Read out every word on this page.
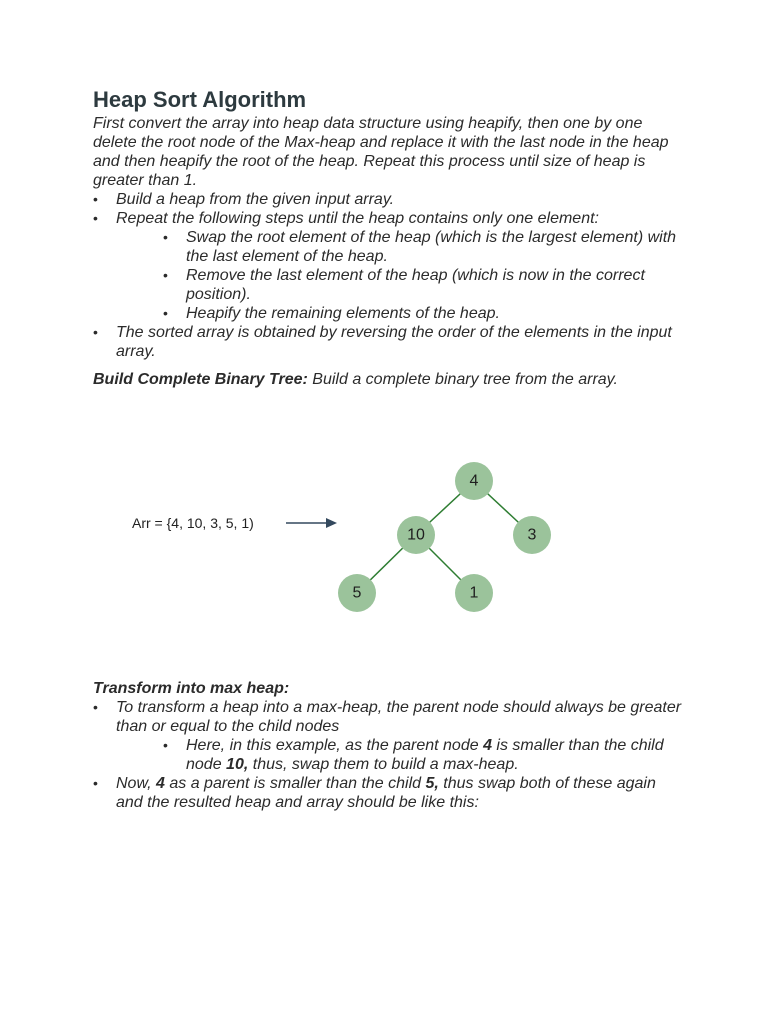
Heap Sort Algorithm

First convert the array into heap data structure using heapify, then one by one delete the root node of the Max-heap and replace it with the last node in the heap and then heapify the root of the heap. Repeat this process until size of heap is greater than 1.

• Build a heap from the given input array.
• Repeat the following steps until the heap contains only one element:
• Swap the root element of the heap (which is the largest element) with the last element of the heap.
• Remove the last element of the heap (which is now in the correct position).
• Heapify the remaining elements of the heap.
• The sorted array is obtained by reversing the order of the elements in the input array.
Build Complete Binary Tree: Build a complete binary tree from the array.
Arr = {4, 10, 3, 5, 1)
4
10	3
5	1
Transform into max heap:
• To transform a heap into a max-heap, the parent node should always be greater than or equal to the child nodes
• Here, in this example, as the parent node 4 is smaller than the child node 10, thus, swap them to build a max-heap.
• Now, 4 as a parent is smaller than the child 5, thus swap both of these again and the resulted heap and array should be like this:
